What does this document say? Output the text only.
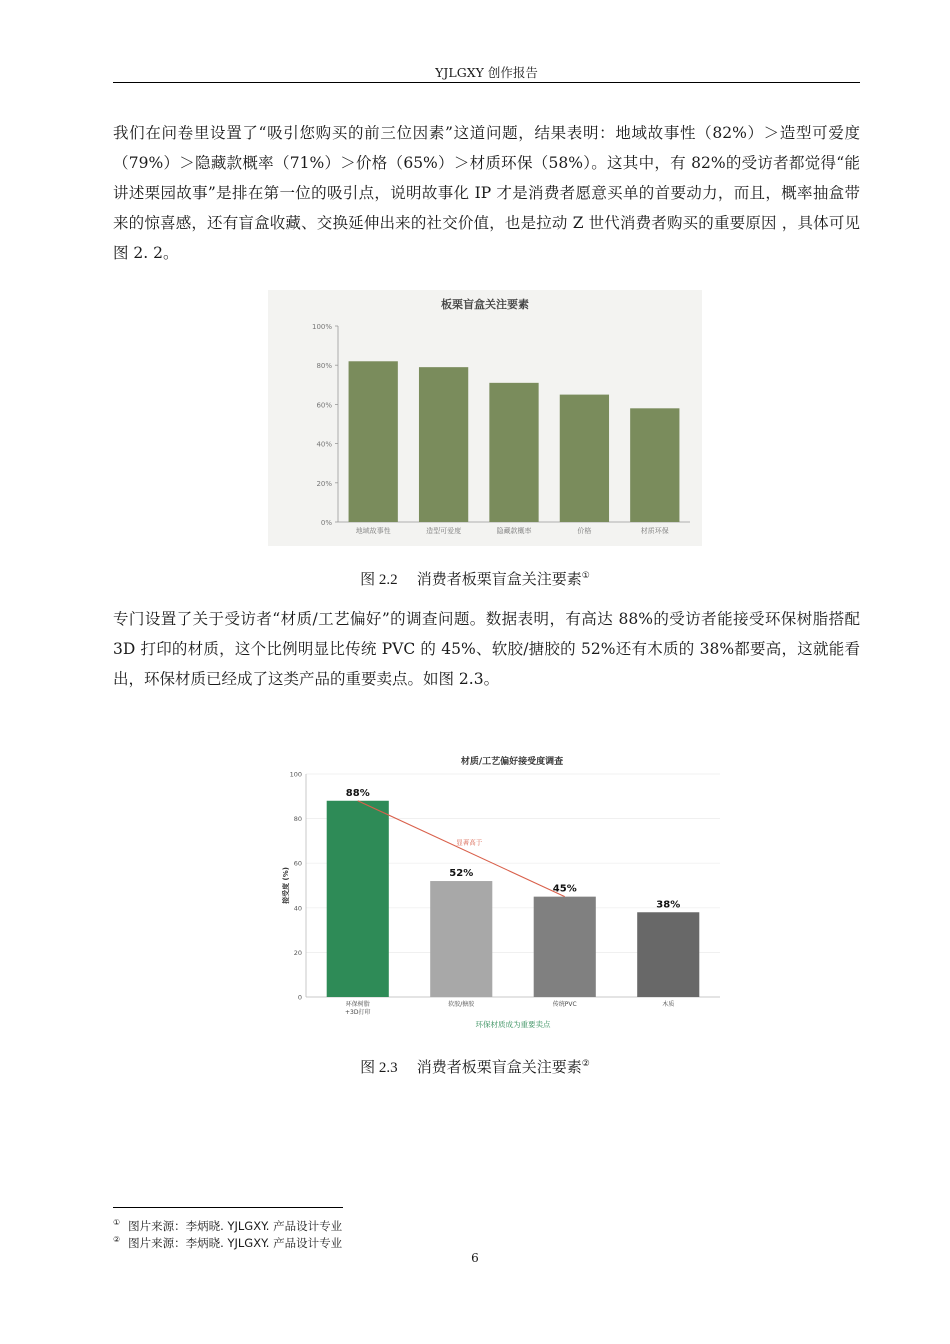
YJLGXY 创作报告
我们在问卷里设置了“吸引您购买的前三位因素”这道问题，结果表明：地域故事性（82%）＞造型可爱度（79%）＞隐藏款概率（71%）＞价格（65%）＞材质环保（58%）。这其中，有 82%的受访者都觉得“能讲述栗园故事”是排在第一位的吸引点，说明故事化 IP 才是消费者愿意买单的首要动力，而且，概率抽盒带来的惊喜感，还有盲盒收藏、交换延伸出来的社交价值，也是拉动 Z 世代消费者购买的重要原因 ，具体可见图 2. 2。
板栗盲盒关注要素
0%
20%
40%
60%
80%
100%
地域故事性	造型可爱度	隐藏款概率	价格	材质环保
图 2.2 消费者板栗盲盒关注要素①
专门设置了关于受访者“材质/工艺偏好”的调查问题。数据表明，有高达 88%的受访者能接受环保树脂搭配 3D 打印的材质，这个比例明显比传统 PVC 的 45%、软胶/搪胶的 52%还有木质的 38%都要高，这就能看出，环保材质已经成了这类产品的重要卖点。如图 2.3。
材质/工艺偏好接受度调查
0
20
40
60
80
100
接受度 (%)
88%
环保树脂
+3D打印
52%
软胶/搪胶
45%
传统PVC
38%
木质
显著高于
环保材质成为重要卖点
图 2.3 消费者板栗盲盒关注要素②
① 图片来源：李炳晓. YJLGXY. 产品设计专业
② 图片来源：李炳晓. YJLGXY. 产品设计专业
6
